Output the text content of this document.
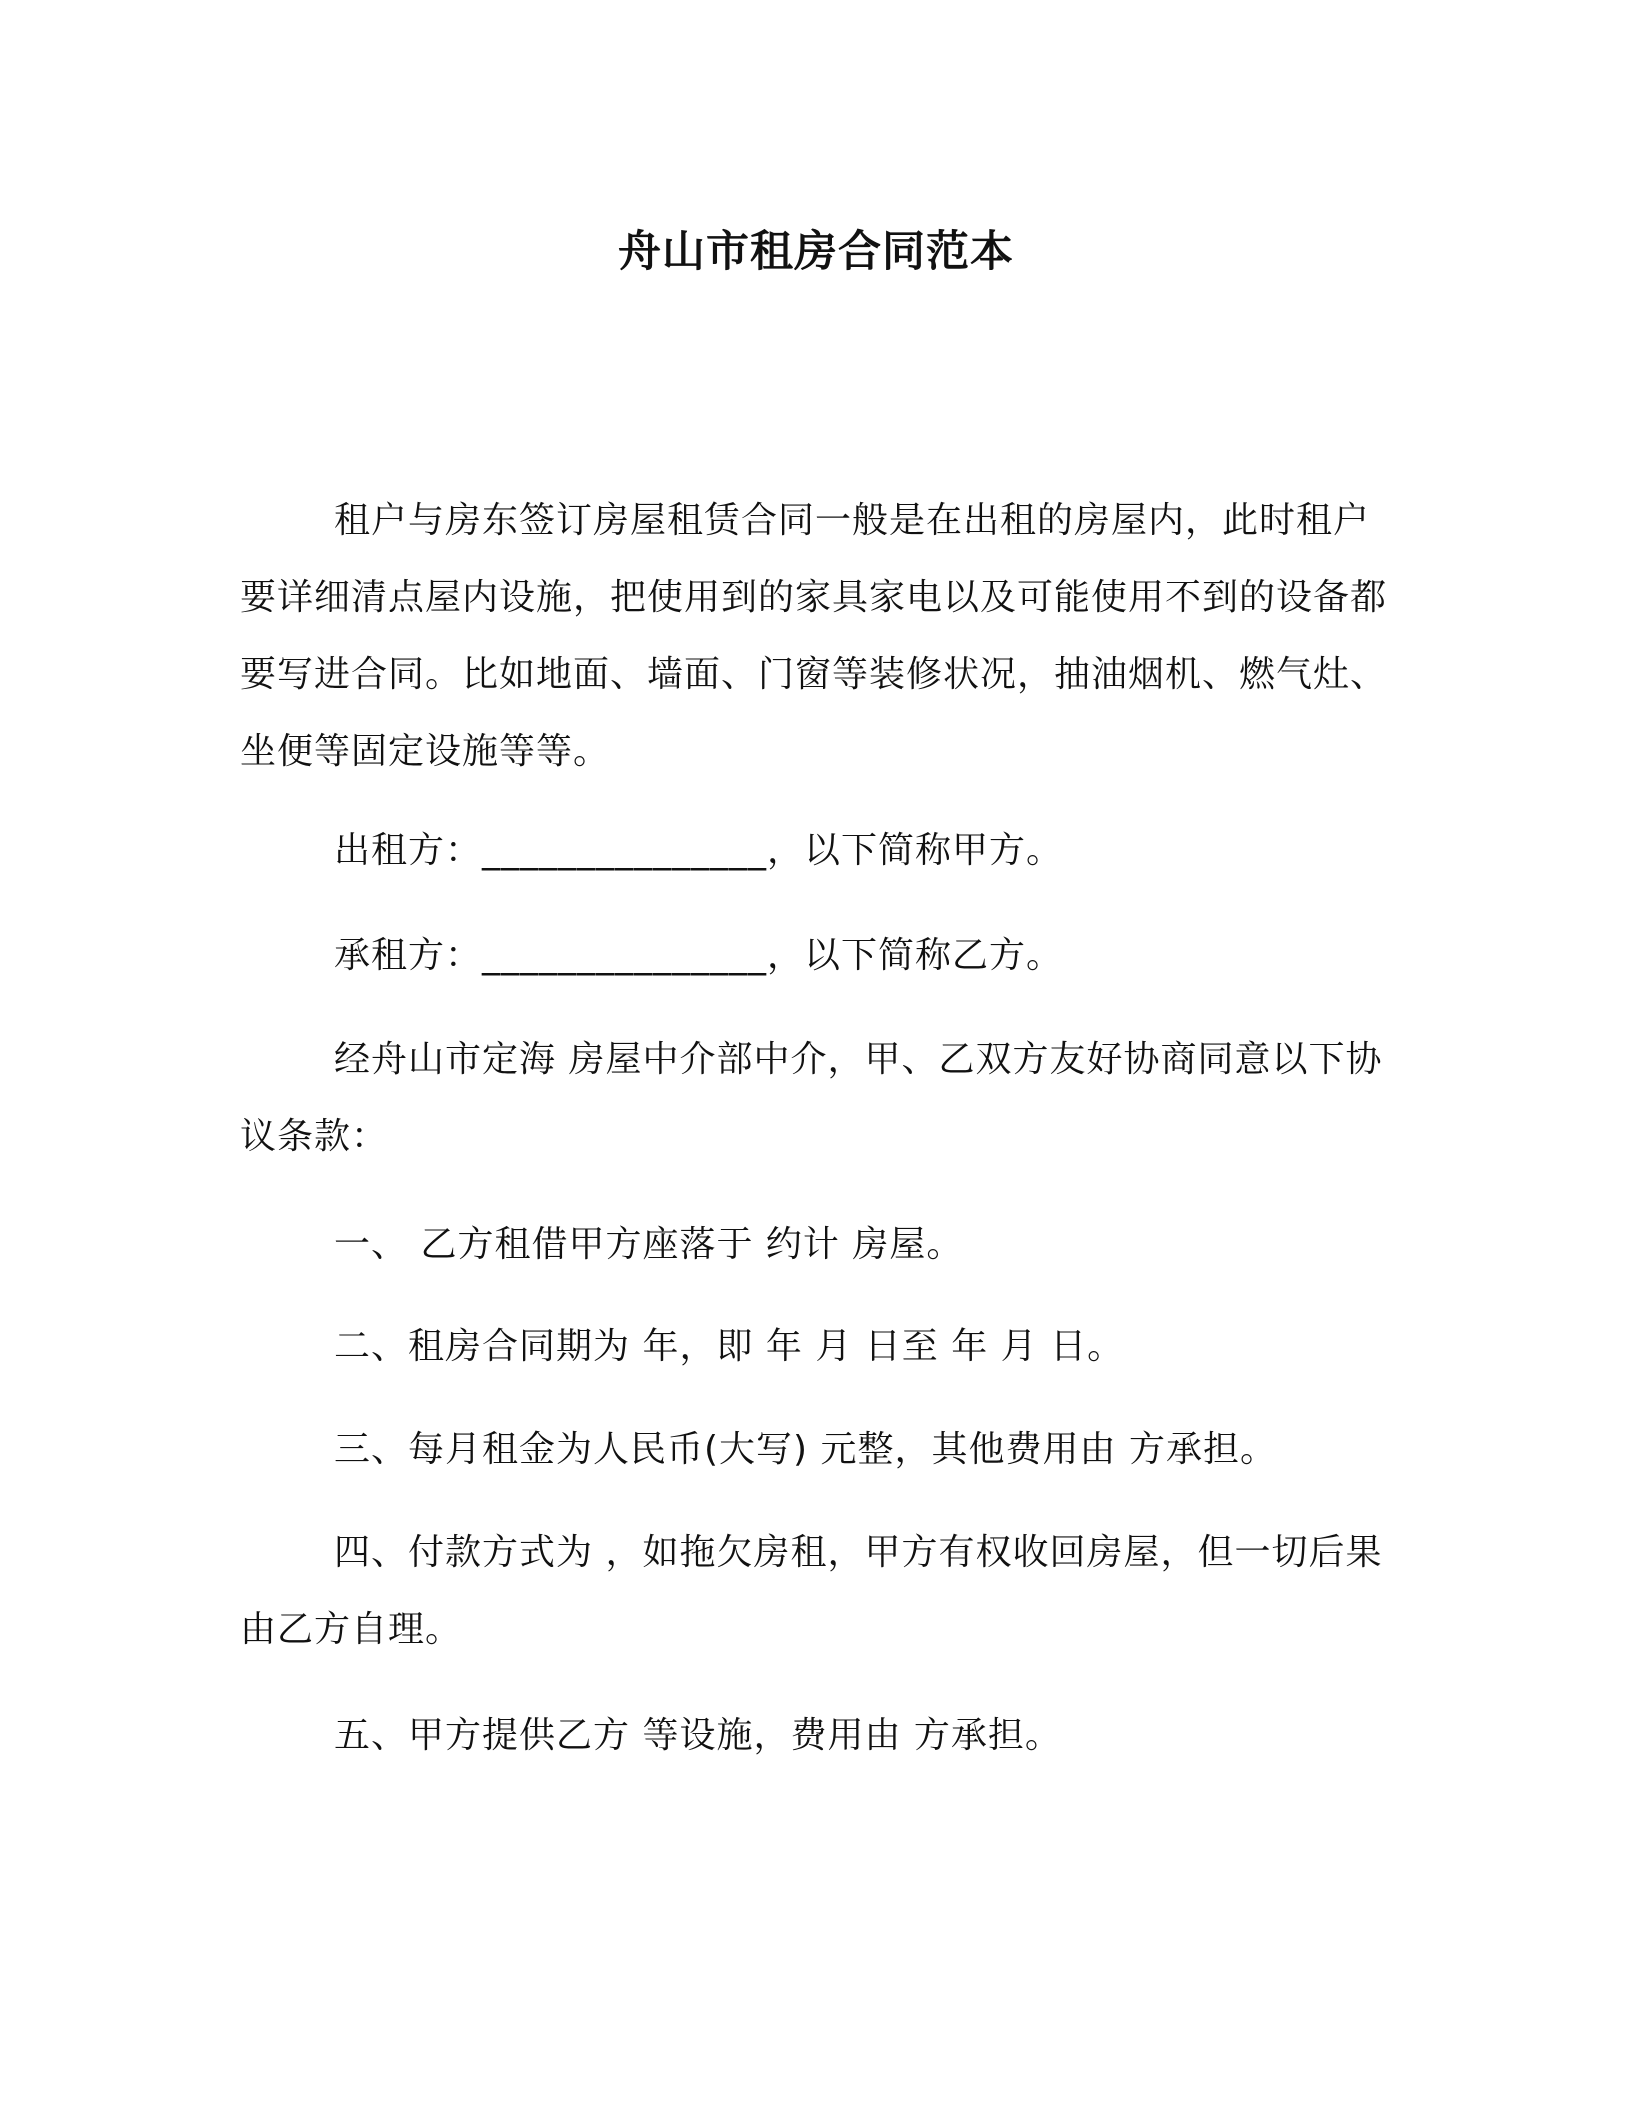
舟山市租房合同范本

租户与房东签订房屋租赁合同一般是在出租的房屋内，此时租户要详细清点屋内设施，把使用到的家具家电以及可能使用不到的设备都要写进合同。比如地面、墙面、门窗等装修状况，抽油烟机、燃气灶、坐便等固定设施等等。

出租方：_______________，以下简称甲方。

承租方：_______________，以下简称乙方。

经舟山市定海 房屋中介部中介，甲、乙双方友好协商同意以下协议条款：

一、 乙方租借甲方座落于 约计 房屋。

二、租房合同期为 年，即 年 月 日至 年 月 日。

三、每月租金为人民币(大写) 元整，其他费用由 方承担。

四、付款方式为 ，如拖欠房租，甲方有权收回房屋，但一切后果由乙方自理。

五、甲方提供乙方 等设施，费用由 方承担。
